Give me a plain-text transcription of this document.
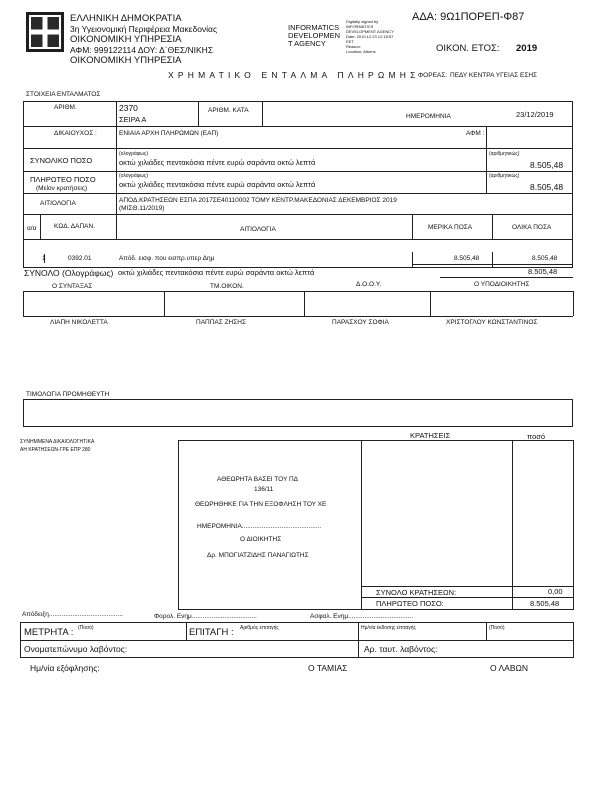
ΕΛΛΗΝΙΚΗ ΔΗΜΟΚΡΑΤΙΑ
3η Υγειονομική Περιφέρεια Μακεδονίας
ΟΙΚΟΝΟΜΙΚΗ ΥΠΗΡΕΣΙΑ
ΑΦΜ: 999122114 ΔΟΥ: Δ΄ΘΕΣ/ΝΙΚΗΣ
ΟΙΚΟΝΟΜΙΚΗ ΥΠΗΡΕΣΙΑ
INFORMATICS
DEVELOPMEN
T AGENCY
Digitally signed by
INFORMATICS
DEVELOPMENT AGENCY
Date: 2019.12.23 12:18:57
EET
Reason:
Location: Athens
ΑΔΑ: 9Ω1ΠΟΡΕΠ-Φ87
ΟΙΚΟΝ. ΕΤΟΣ: 2019
ΧΡΗΜΑΤΙΚΟ ΕΝΤΑΛΜΑ ΠΛΗΡΩΜΗΣ
ΦΟΡΕΑΣ: ΠΕΔΥ ΚΕΝΤΡΑ ΥΓΕΙΑΣ ΕΣΗΣ
ΣΤΟΙΧΕΙΑ ΕΝΤΑΛΜΑΤΟΣ
ΑΡΙΘΜ.	2370
ΣΕΙΡΑ Α
ΑΡΙΘΜ. ΚΑΤΑ
ΗΜΕΡΟΜΗΝΙΑ	23/12/2019
ΔΙΚΑΙΟΥΧΟΣ :	ΕΝΙΑΙΑ ΑΡΧΗ ΠΛΗΡΩΜΩΝ (ΕΑΠ)	ΑΦΜ :
ΣΥΝΟΛΙΚΟ ΠΟΣΟ
(ολογράφως)
οκτώ χιλιάδες πεντακόσια πέντε ευρώ σαράντα οκτώ λεπτά
(αριθμητικώς)
8.505,48
ΠΛΗΡΩΤΕΟ ΠΟΣΟ
(Μείον κρατήσεις)
(ολογράφως)
οκτώ χιλιάδες πεντακόσια πέντε ευρώ σαράντα οκτώ λεπτά
(αριθμητικώς)
8.505,48
ΑΙΤΙΟΛΟΓΙΑ	ΑΠΟΔ.ΚΡΑΤΗΣΕΩΝ ΕΣΠΑ 2017ΣΕ40110002 ΤΟΜΥ ΚΕΝΤΡ.ΜΑΚΕΔΟΝΙΑΣ ΔΕΚΕΜΒΡΙΟΣ 2019
(ΜΙΣΘ.11/2019)
α/α	ΚΩΔ. ΔΑΠΑΝ.	ΑΙΤΙΟΛΟΓΙΑ	ΜΕΡΙΚΑ ΠΟΣΑ	ΟΛΙΚΑ ΠΟΣΑ
1	0392.01	Απόδ. εισφ. που εισπρ.υπερ Δημ	8.505,48	8.505,48
ΣΥΝΟΛΟ (Ολογράφως) οκτώ χιλιάδες πεντακόσια πέντε ευρώ σαράντα οκτώ λεπτά	8.505,48
Ο ΣΥΝΤΑΞΑΣ	ΤΜ.ΟΙΚΟΝ.	Δ.Ο.Ο.Υ.	Ο ΥΠΟΔΙΟΙΚΗΤΗΣ
ΛΙΑΠΗ ΝΙΚΟΛΕΤΤΑ	ΠΑΠΠΑΣ ΖΗΣΗΣ	ΠΑΡΑΣΧΟΥ ΣΟΦΙΑ	ΧΡΙΣΤΟΓΛΟΥ ΚΩΝΣΤΑΝΤΙΝΟΣ
ΤΙΜΟΛΟΓΙΑ ΠΡΟΜΗΘΕΥΤΗ
ΣΥΝΗΜΜΕΝΑ ΔΙΚΑΙΟΛΟΓΗΤΙΚΑ
ΑΗ ΚΡΑΤΗΣΕΩΝ-ΓΡΕ ΕΠΡ 280
ΚΡΑΤΗΣΕΙΣ	ποσό
ΑΘΕΩΡΗΤΑ ΒΑΣΕΙ ΤΟΥ ΠΔ
136/11
ΘΕΩΡΗΘΗΚΕ ΓΙΑ ΤΗΝ ΕΞΟΦΛΗΣΗ ΤΟΥ ΧΕ
ΗΜΕΡΟΜΗΝΙΑ............................................
Ο ΔΙΟΙΚΗΤΗΣ
Δρ. ΜΠΟΓΙΑΤΖΙΔΗΣ ΠΑΝΑΓΙΩΤΗΣ
ΣΥΝΟΛΟ ΚΡΑΤΗΣΕΩΝ:	0,00
ΠΛΗΡΩΤΕΟ ΠΟΣΟ:	8.505,48
Απόδειξη.........................................	Φορολ. Ενημ....................................	Ασφαλ. Ενημ....................................
ΜΕΤΡΗΤΑ : (Ποσό)	ΕΠΙΤΑΓΗ : Αριθμός επιταγής	Ημ/νία έκδοσης επιταγής	(Ποσό)
Ονοματεπώνυμο λαβόντος:	Αρ. ταυτ. λαβόντος:
Ημ/νία εξόφλησης:	Ο ΤΑΜΙΑΣ	Ο ΛΑΒΩΝ
